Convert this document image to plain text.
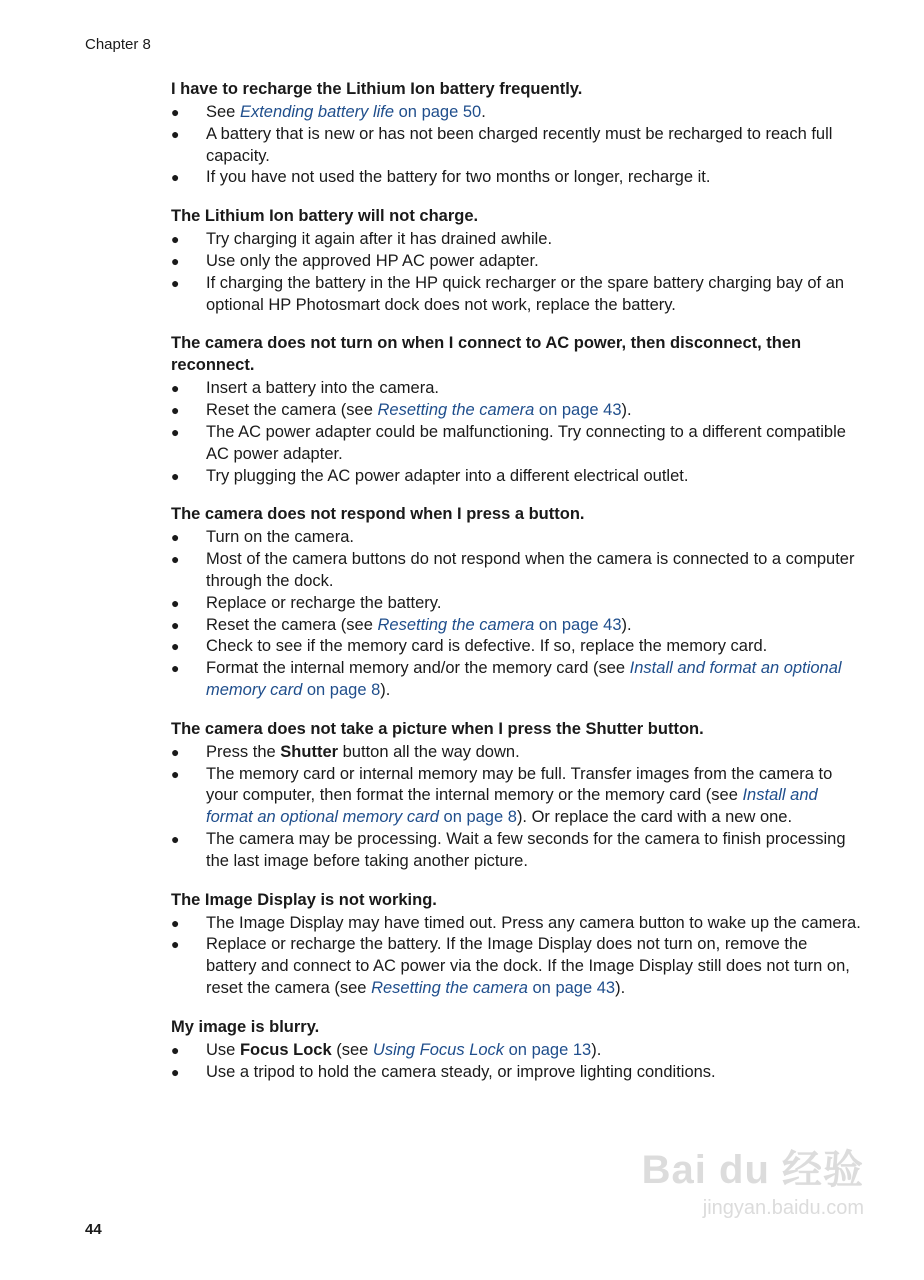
Chapter 8

I have to recharge the Lithium Ion battery frequently.

● See Extending battery life on page 50.
● A battery that is new or has not been charged recently must be recharged to reach full capacity.
● If you have not used the battery for two months or longer, recharge it.

The Lithium Ion battery will not charge.

● Try charging it again after it has drained awhile.
● Use only the approved HP AC power adapter.
● If charging the battery in the HP quick recharger or the spare battery charging bay of an optional HP Photosmart dock does not work, replace the battery.

The camera does not turn on when I connect to AC power, then disconnect, then reconnect.

● Insert a battery into the camera.
● Reset the camera (see Resetting the camera on page 43).
● The AC power adapter could be malfunctioning. Try connecting to a different compatible AC power adapter.
● Try plugging the AC power adapter into a different electrical outlet.

The camera does not respond when I press a button.

● Turn on the camera.
● Most of the camera buttons do not respond when the camera is connected to a computer through the dock.
● Replace or recharge the battery.
● Reset the camera (see Resetting the camera on page 43).
● Check to see if the memory card is defective. If so, replace the memory card.
● Format the internal memory and/or the memory card (see Install and format an optional memory card on page 8).

The camera does not take a picture when I press the Shutter button.

● Press the Shutter button all the way down.
● The memory card or internal memory may be full. Transfer images from the camera to your computer, then format the internal memory or the memory card (see Install and format an optional memory card on page 8). Or replace the card with a new one.
● The camera may be processing. Wait a few seconds for the camera to finish processing the last image before taking another picture.

The Image Display is not working.

● The Image Display may have timed out. Press any camera button to wake up the camera.
● Replace or recharge the battery. If the Image Display does not turn on, remove the battery and connect to AC power via the dock. If the Image Display still does not turn on, reset the camera (see Resetting the camera on page 43).

My image is blurry.

● Use Focus Lock (see Using Focus Lock on page 13).
● Use a tripod to hold the camera steady, or improve lighting conditions.
44
Bai du 经验
jingyan.baidu.com
